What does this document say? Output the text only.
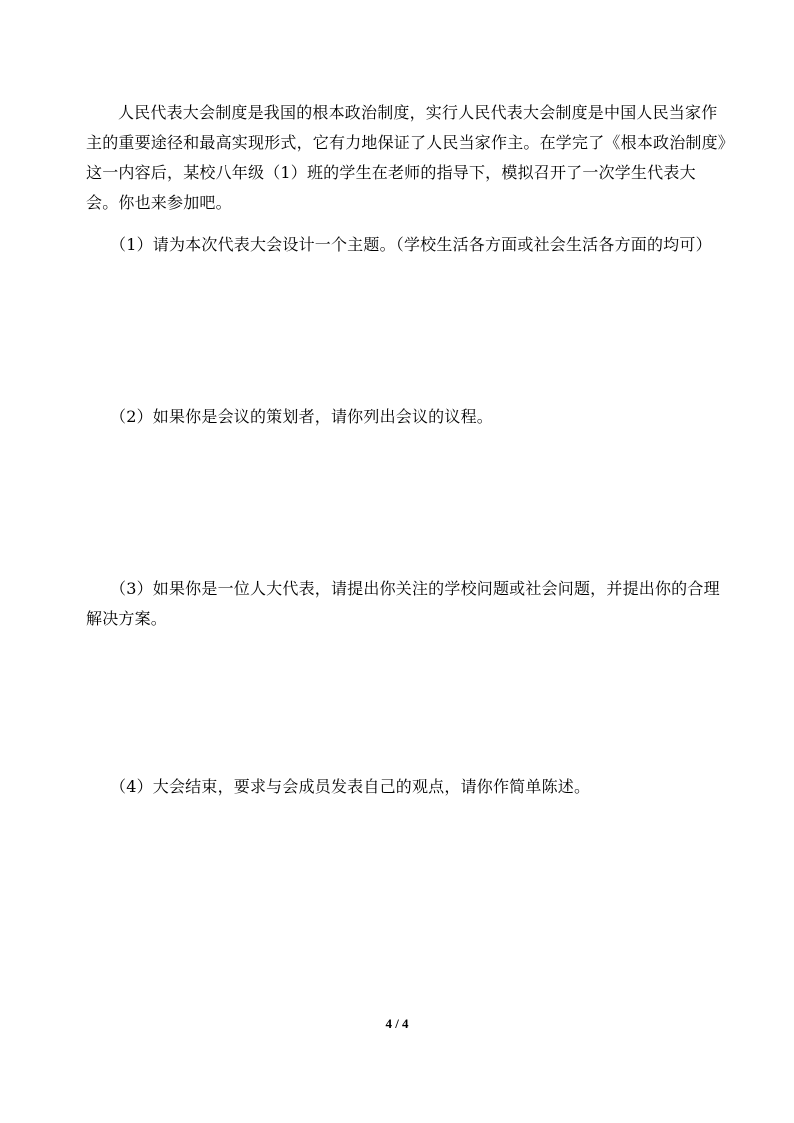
人民代表大会制度是我国的根本政治制度，实行人民代表大会制度是中国人民当家作主的重要途径和最高实现形式，它有力地保证了人民当家作主。在学完了《根本政治制度》这一内容后，某校八年级（1）班的学生在老师的指导下，模拟召开了一次学生代表大会。你也来参加吧。

（1）请为本次代表大会设计一个主题。（学校生活各方面或社会生活各方面的均可）

（2）如果你是会议的策划者，请你列出会议的议程。

（3）如果你是一位人大代表，请提出你关注的学校问题或社会问题，并提出你的合理解决方案。

（4）大会结束，要求与会成员发表自己的观点，请你作简单陈述。

4 / 4
